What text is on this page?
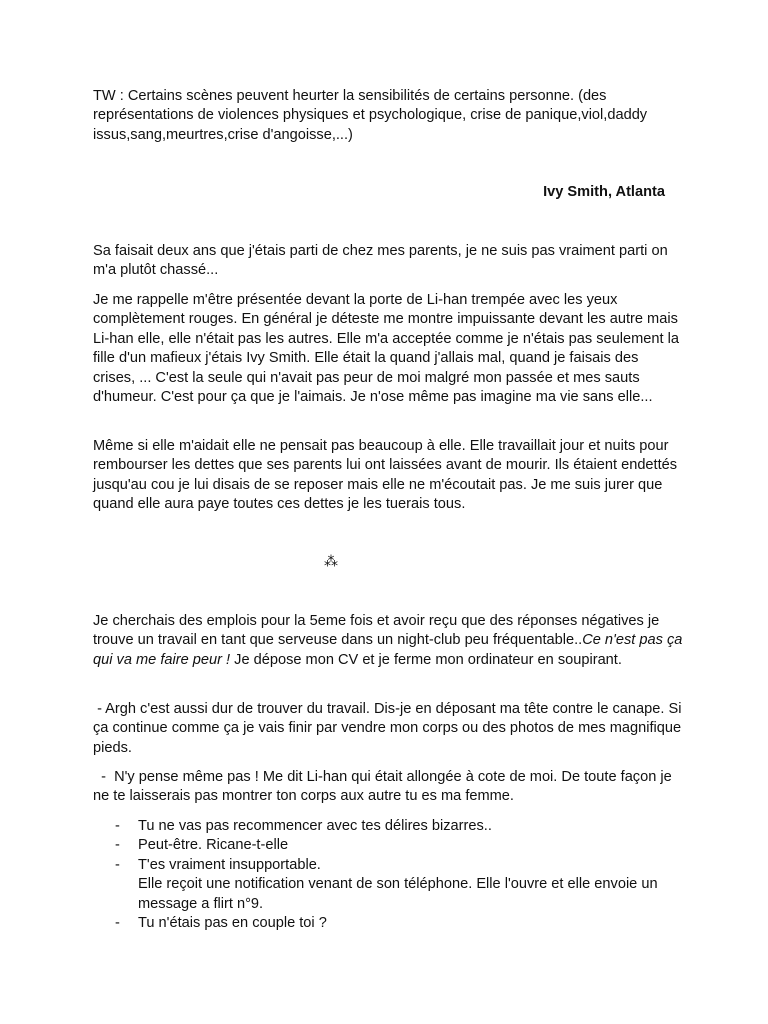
TW : Certains scènes peuvent heurter la sensibilités de certains personne. (des représentations de violences physiques et psychologique, crise de panique,viol,daddy issus,sang,meurtres,crise d'angoisse,...)

Ivy Smith, Atlanta

Sa faisait deux ans que j'étais parti de chez mes parents, je ne suis pas vraiment parti on m'a plutôt chassé...

Je me rappelle m'être présentée devant la porte de Li-han trempée avec les yeux complètement rouges. En général je déteste me montre impuissante devant les autre mais Li-han elle, elle n'était pas les autres. Elle m'a acceptée comme je n'étais pas seulement la fille d'un mafieux j'étais Ivy Smith. Elle était la quand j'allais mal, quand je faisais des crises, ... C'est la seule qui n'avait pas peur de moi malgré mon passée et mes sauts d'humeur. C'est pour ça que je l'aimais. Je n'ose même pas imagine ma vie sans elle...

Même si elle m'aidait elle ne pensait pas beaucoup à elle. Elle travaillait jour et nuits pour rembourser les dettes que ses parents lui ont laissées avant de mourir. Ils étaient endettés jusqu'au cou je lui disais de se reposer mais elle ne m'écoutait pas. Je me suis jurer que quand elle aura paye toutes ces dettes je les tuerais tous.

⁂

Je cherchais des emplois pour la 5eme fois et avoir reçu que des réponses négatives je trouve un travail en tant que serveuse dans un night-club peu fréquentable..Ce n'est pas ça qui va me faire peur ! Je dépose mon CV et je ferme mon ordinateur en soupirant.

- Argh c'est aussi dur de trouver du travail. Dis-je en déposant ma tête contre le canape. Si ça continue comme ça je vais finir par vendre mon corps ou des photos de mes magnifique pieds.

-  N'y pense même pas ! Me dit Li-han qui était allongée à cote de moi. De toute façon je ne te laisserais pas montrer ton corps aux autre tu es ma femme.

- Tu ne vas pas recommencer avec tes délires bizarres..
- Peut-être. Ricane-t-elle
- T'es vraiment insupportable.
Elle reçoit une notification venant de son téléphone. Elle l'ouvre et elle envoie un message a flirt n°9.
- Tu n'étais pas en couple toi ?
